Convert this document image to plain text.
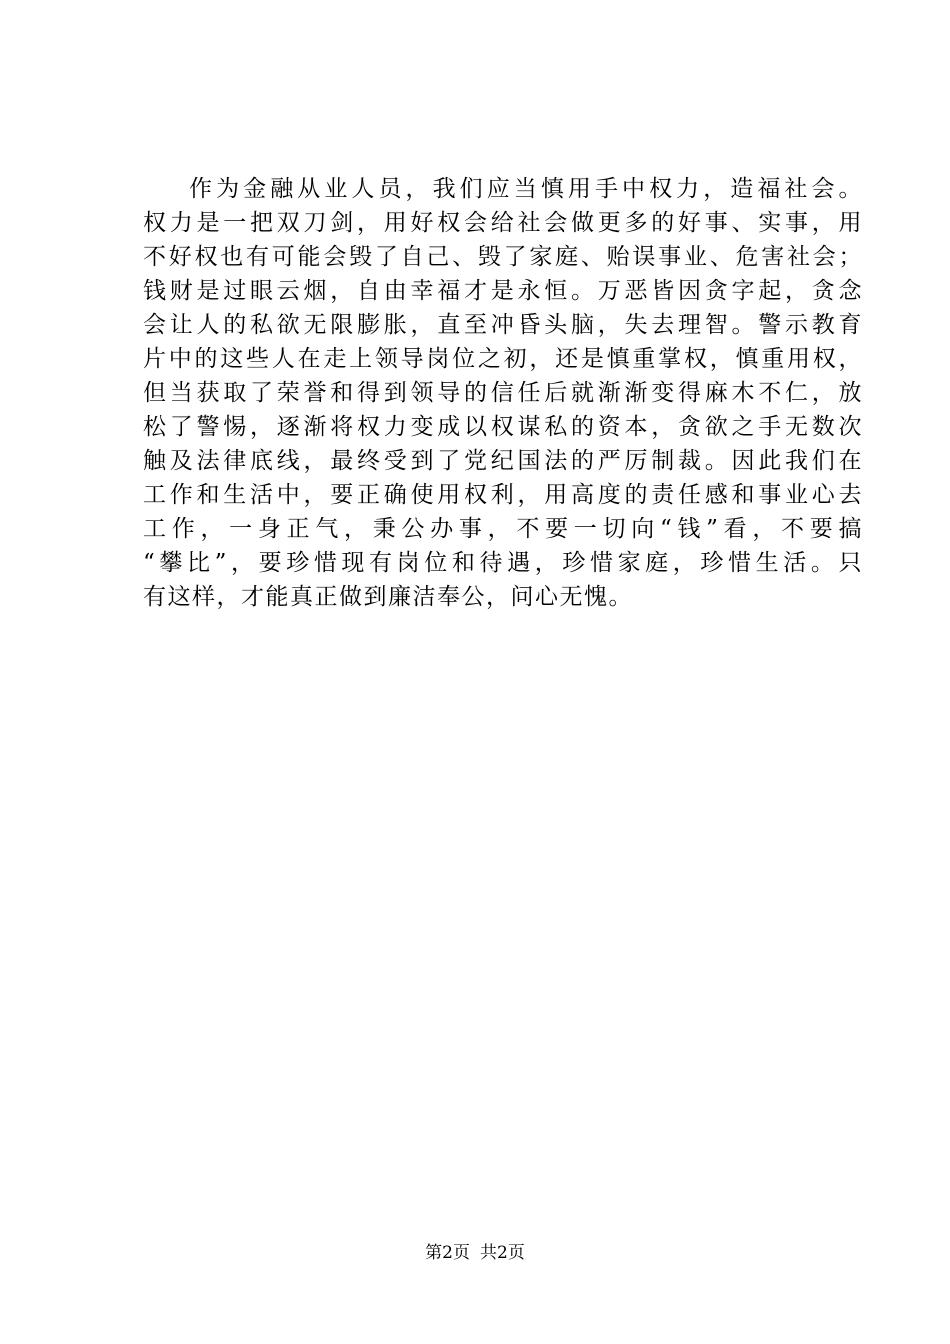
作为金融从业人员，我们应当慎用手中权力，造福社会。
权力是一把双刀剑，用好权会给社会做更多的好事、实事，用
不好权也有可能会毁了自己、毁了家庭、贻误事业、危害社会；
钱财是过眼云烟，自由幸福才是永恒。万恶皆因贪字起，贪念
会让人的私欲无限膨胀，直至冲昏头脑，失去理智。警示教育
片中的这些人在走上领导岗位之初，还是慎重掌权，慎重用权，
但当获取了荣誉和得到领导的信任后就渐渐变得麻木不仁，放
松了警惕，逐渐将权力变成以权谋私的资本，贪欲之手无数次
触及法律底线，最终受到了党纪国法的严厉制裁。因此我们在
工作和生活中，要正确使用权利，用高度的责任感和事业心去
工作，一身正气，秉公办事，不要一切向“钱”看，不要搞
“攀比”，要珍惜现有岗位和待遇，珍惜家庭，珍惜生活。只
有这样，才能真正做到廉洁奉公，问心无愧。
第2页 共2页
